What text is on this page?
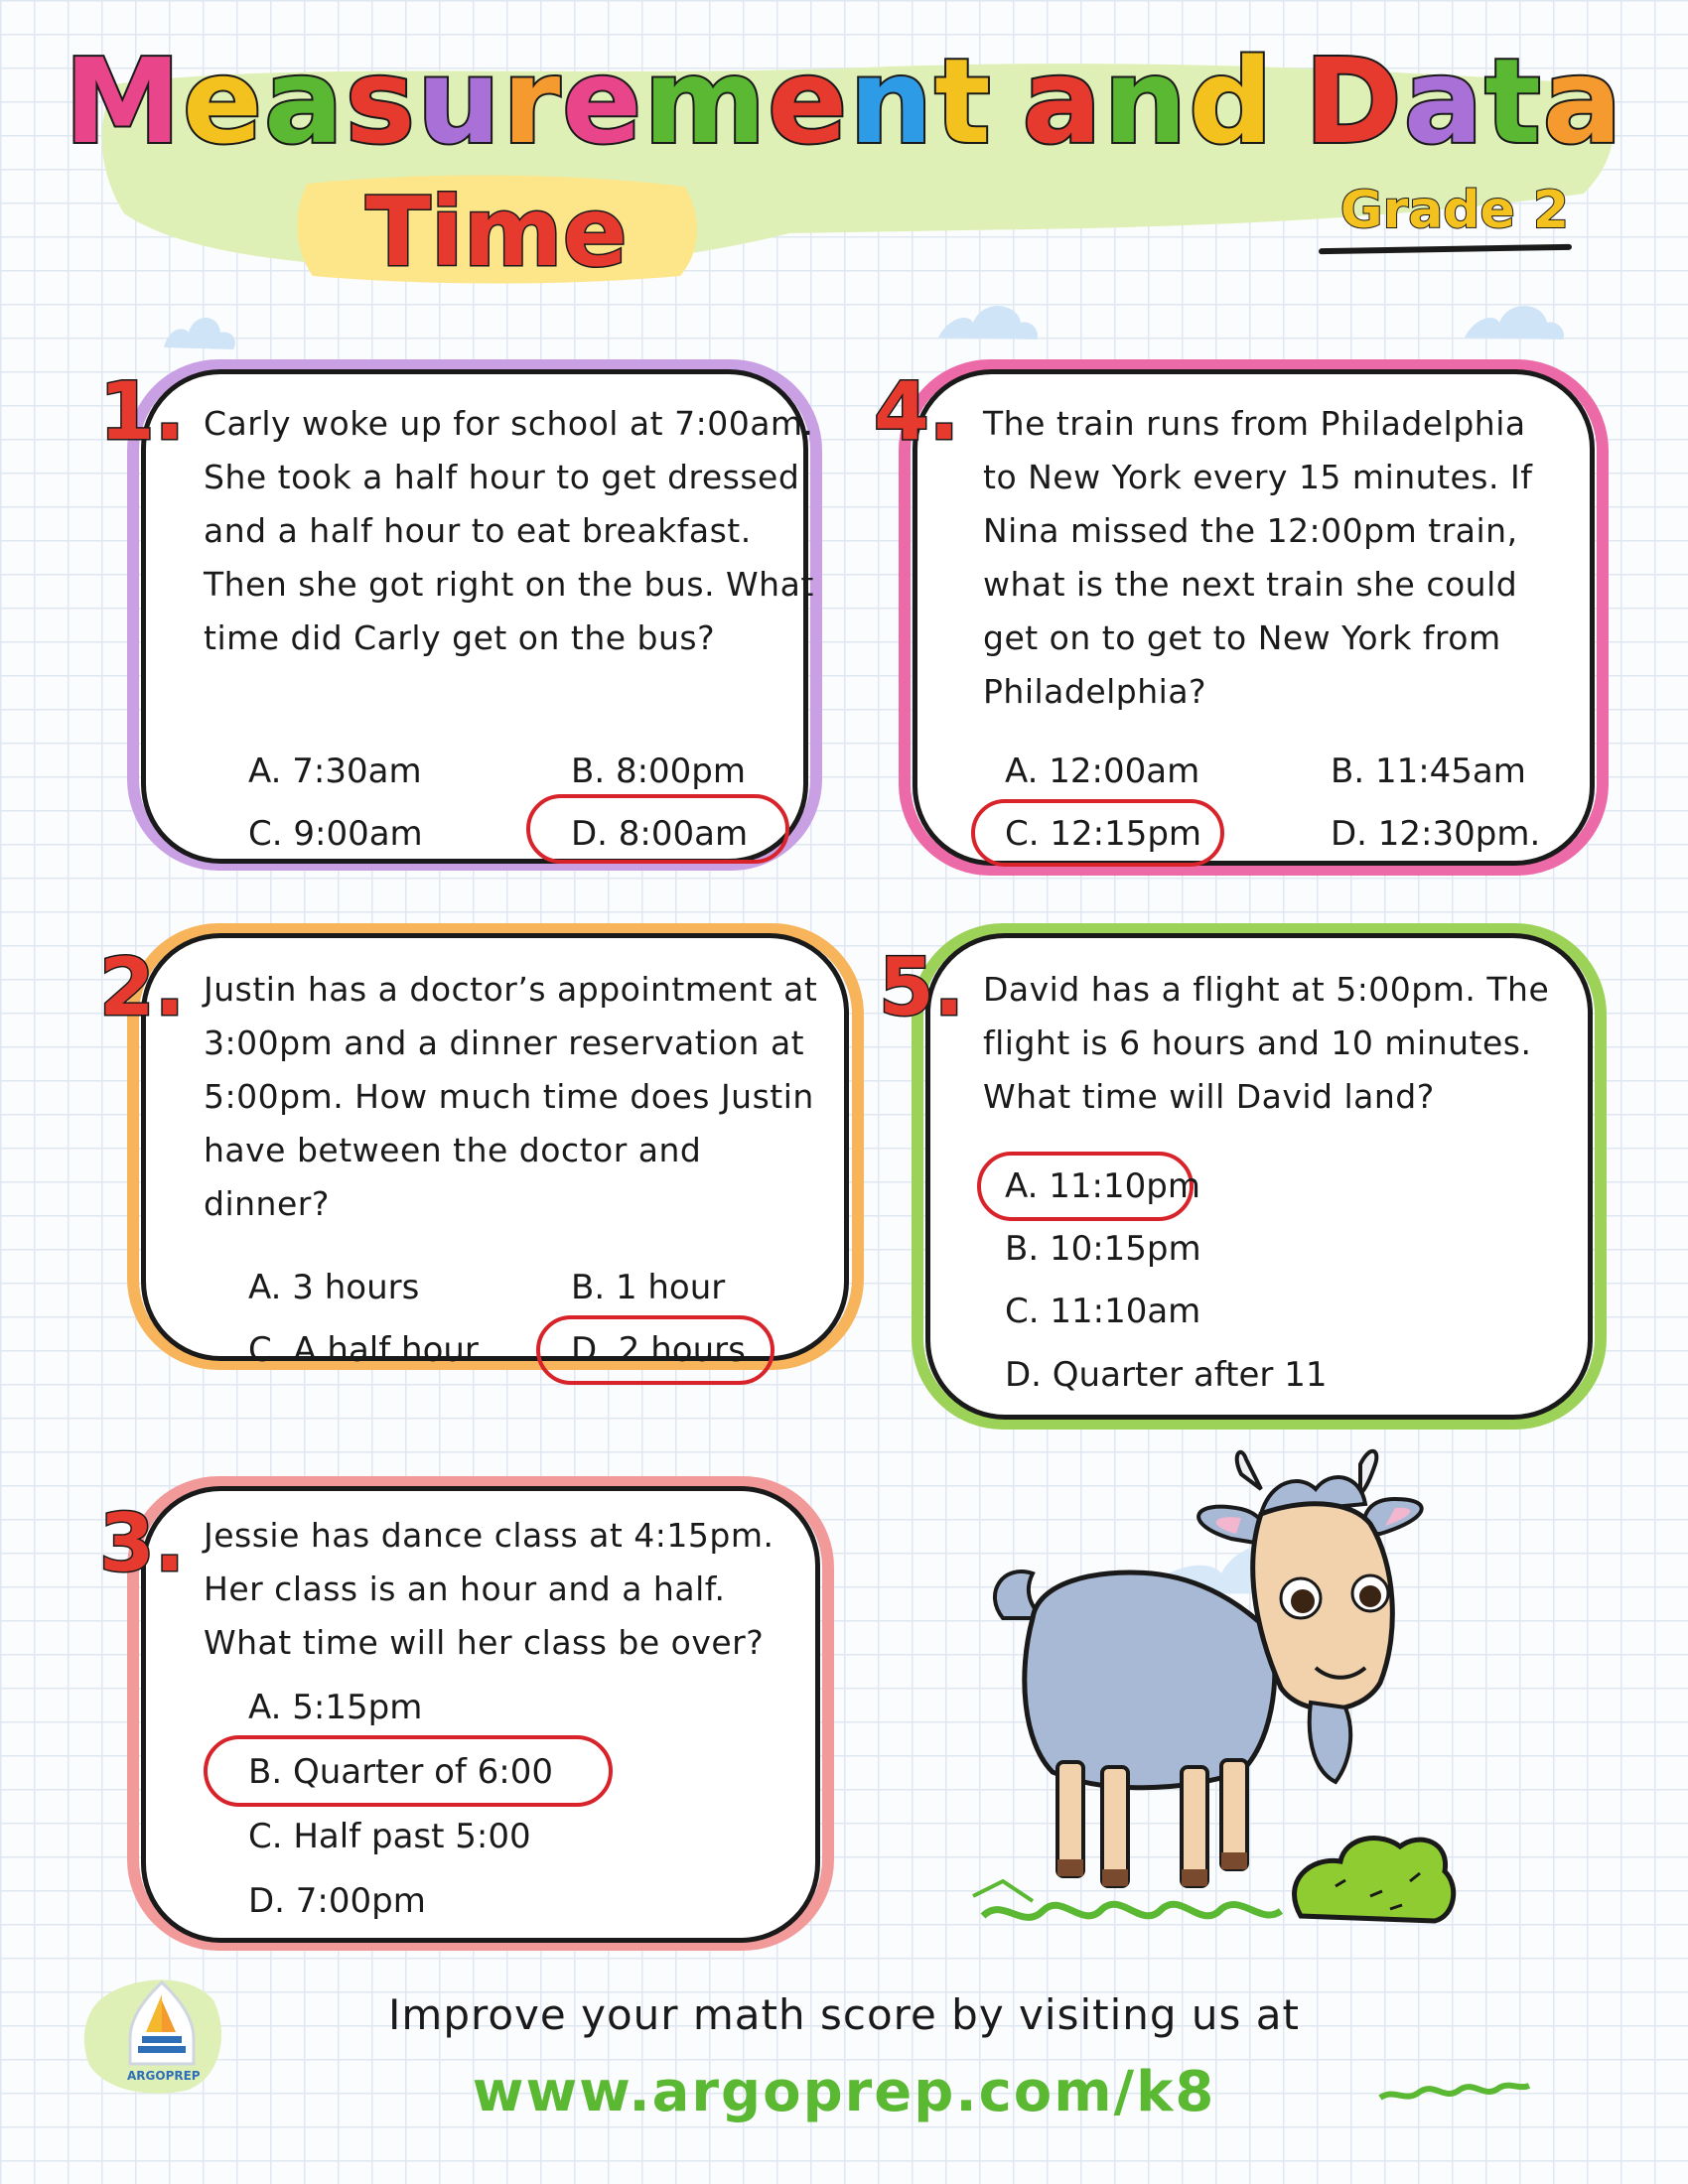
Measurement and Data
Time	Grade 2
1. Carly woke up for school at 7:00am. She took a half hour to get dressed and a half hour to eat breakfast. Then she got right on the bus. What time did Carly get on the bus?
A. 7:30am	B. 8:00pm
C. 9:00am	D. 8:00am
2. Justin has a doctor’s appointment at 3:00pm and a dinner reservation at 5:00pm. How much time does Justin have between the doctor and dinner?
A. 3 hours	B. 1 hour
C. A half hour	D. 2 hours
3. Jessie has dance class at 4:15pm. Her class is an hour and a half. What time will her class be over?
A. 5:15pm
B. Quarter of 6:00
C. Half past 5:00
D. 7:00pm
4. The train runs from Philadelphia to New York every 15 minutes. If Nina missed the 12:00pm train, what is the next train she could get on to get to New York from Philadelphia?
A. 12:00am	B. 11:45am
C. 12:15pm	D. 12:30pm.
5. David has a flight at 5:00pm. The flight is 6 hours and 10 minutes. What time will David land?
A. 11:10pm
B. 10:15pm
C. 11:10am
D. Quarter after 11
ARGOPREP
Improve your math score by visiting us at
www.argoprep.com/k8
